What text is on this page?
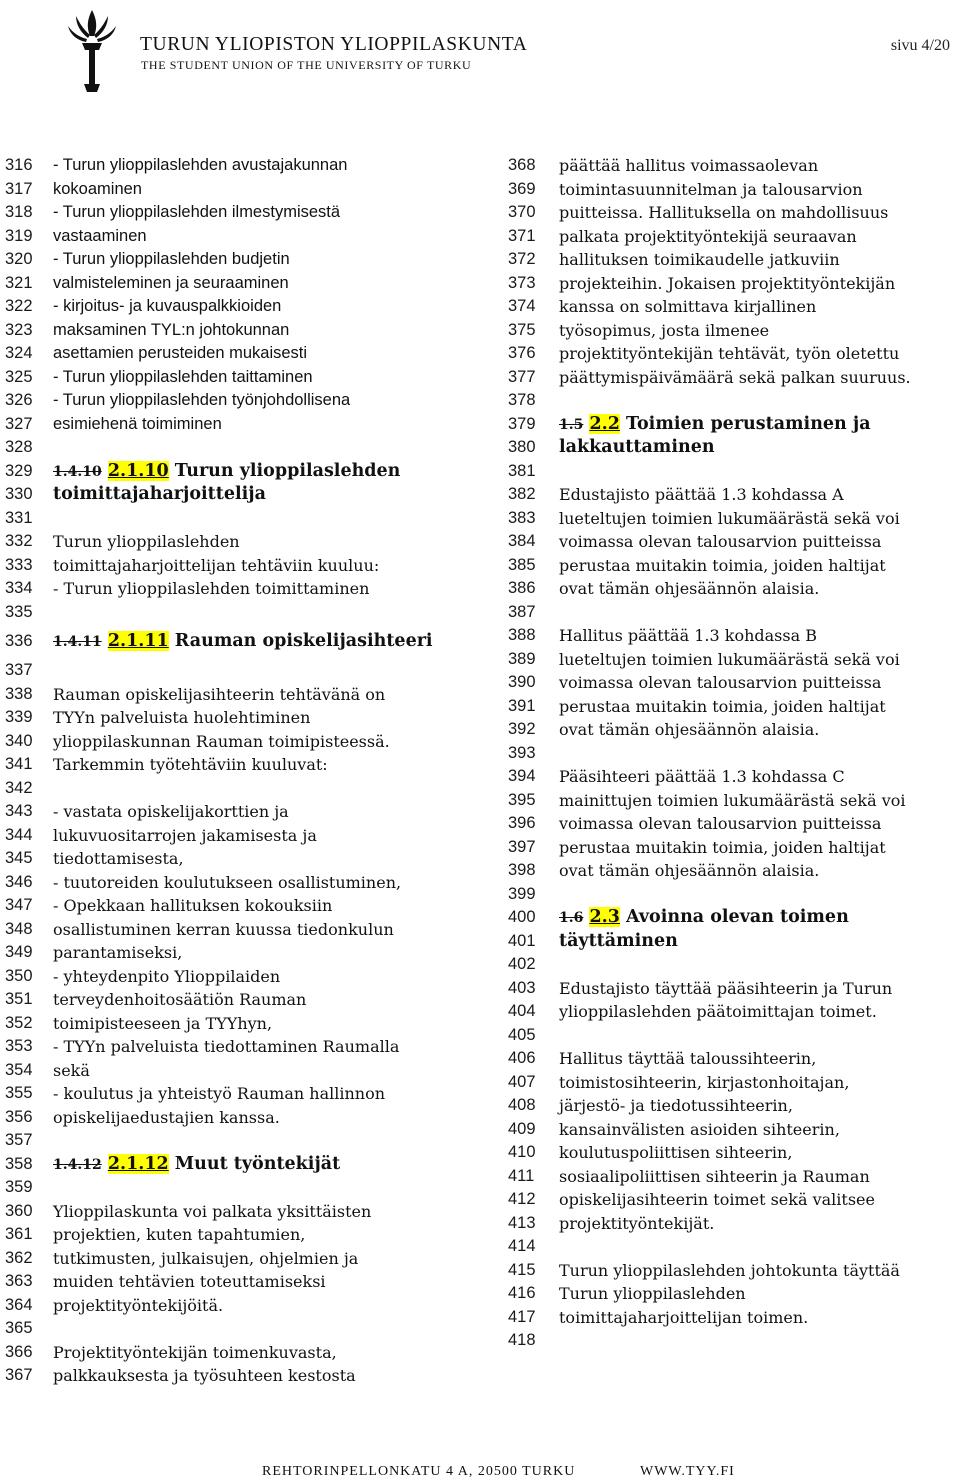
TURUN YLIOPISTON YLIOPPILASKUNTA
THE STUDENT UNION OF THE UNIVERSITY OF TURKU
sivu 4/20
316 - Turun ylioppilaslehden avustajakunnan
317 kokoaminen
318 - Turun ylioppilaslehden ilmestymisestä
319 vastaaminen
320 - Turun ylioppilaslehden budjetin
321 valmisteleminen ja seuraaminen
322 - kirjoitus- ja kuvauspalkkioiden
323 maksaminen TYL:n johtokunnan
324 asettamien perusteiden mukaisesti
325 - Turun ylioppilaslehden taittaminen
326 - Turun ylioppilaslehden työnjohdollisena
327 esimiehenä toimiminen
328
329 1.4.10 2.1.10 Turun ylioppilaslehden
330 toimittajaharjoittelija
331
332 Turun ylioppilaslehden
333 toimittajaharjoittelijan tehtäviin kuuluu:
334 - Turun ylioppilaslehden toimittaminen
335
336 1.4.11 2.1.11 Rauman opiskelijasihteeri
337
338 Rauman opiskelijasihteerin tehtävänä on
339 TYYn palveluista huolehtiminen
340 ylioppilaskunnan Rauman toimipisteessä.
341 Tarkemmin työtehtäviin kuuluvat:
342
343 - vastata opiskelijakorttien ja
344 lukuvuositarrojen jakamisesta ja
345 tiedottamisesta,
346 - tuutoreiden koulutukseen osallistuminen,
347 - Opekkaan hallituksen kokouksiin
348 osallistuminen kerran kuussa tiedonkulun
349 parantamiseksi,
350 - yhteydenpito Ylioppilaiden
351 terveydenhoitosäätiön Rauman
352 toimipisteeseen ja TYYhyn,
353 - TYYn palveluista tiedottaminen Raumalla
354 sekä
355 - koulutus ja yhteistyö Rauman hallinnon
356 opiskelijaedustajien kanssa.
357
358 1.4.12 2.1.12 Muut työntekijät
359
360 Ylioppilaskunta voi palkata yksittäisten
361 projektien, kuten tapahtumien,
362 tutkimusten, julkaisujen, ohjelmien ja
363 muiden tehtävien toteuttamiseksi
364 projektityöntekijöitä.
365
366 Projektityöntekijän toimenkuvasta,
367 palkkauksesta ja työsuhteen kestosta
368 päättää hallitus voimassaolevan
369 toimintasuunnitelman ja talousarvion
370 puitteissa. Hallituksella on mahdollisuus
371 palkata projektityöntekijä seuraavan
372 hallituksen toimikaudelle jatkuviin
373 projekteihin. Jokaisen projektityöntekijän
374 kanssa on solmittava kirjallinen
375 työsopimus, josta ilmenee
376 projektityöntekijän tehtävät, työn oletettu
377 päättymispäivämäärä sekä palkan suuruus.
378
379 1.5 2.2 Toimien perustaminen ja
380 lakkauttaminen
381
382 Edustajisto päättää 1.3 kohdassa A
383 lueteltujen toimien lukumäärästä sekä voi
384 voimassa olevan talousarvion puitteissa
385 perustaa muitakin toimia, joiden haltijat
386 ovat tämän ohjesäännön alaisia.
387
388 Hallitus päättää 1.3 kohdassa B
389 lueteltujen toimien lukumäärästä sekä voi
390 voimassa olevan talousarvion puitteissa
391 perustaa muitakin toimia, joiden haltijat
392 ovat tämän ohjesäännön alaisia.
393
394 Pääsihteeri päättää 1.3 kohdassa C
395 mainittujen toimien lukumäärästä sekä voi
396 voimassa olevan talousarvion puitteissa
397 perustaa muitakin toimia, joiden haltijat
398 ovat tämän ohjesäännön alaisia.
399
400 1.6 2.3 Avoinna olevan toimen
401 täyttäminen
402
403 Edustajisto täyttää pääsihteerin ja Turun
404 ylioppilaslehden päätoimittajan toimet.
405
406 Hallitus täyttää taloussihteerin,
407 toimistosihteerin, kirjastonhoitajan,
408 järjestö- ja tiedotussihteerin,
409 kansainvälisten asioiden sihteerin,
410 koulutuspoliittisen sihteerin,
411 sosiaalipoliittisen sihteerin ja Rauman
412 opiskelijasihteerin toimet sekä valitsee
413 projektityöntekijät.
414
415 Turun ylioppilaslehden johtokunta täyttää
416 Turun ylioppilaslehden
417 toimittajaharjoittelijan toimen.
418
REHTORINPELLONKATU 4 A, 20500 TURKU	WWW.TYY.FI
